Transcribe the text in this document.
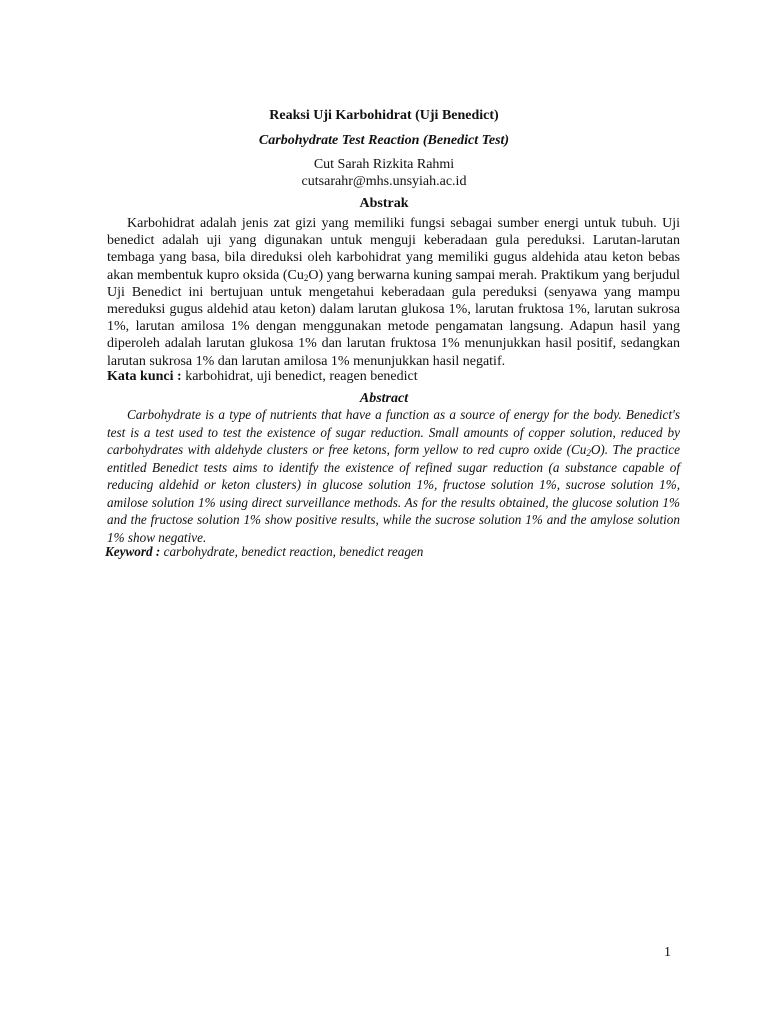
Reaksi Uji Karbohidrat (Uji Benedict)
Carbohydrate Test Reaction (Benedict Test)
Cut Sarah Rizkita Rahmi
cutsarahr@mhs.unsyiah.ac.id
Abstrak
Karbohidrat adalah jenis zat gizi yang memiliki fungsi sebagai sumber energi untuk tubuh. Uji benedict adalah uji yang digunakan untuk menguji keberadaan gula pereduksi. Larutan-larutan tembaga yang basa, bila direduksi oleh karbohidrat yang memiliki gugus aldehida atau keton bebas akan membentuk kupro oksida $(Cu_2O)$ yang berwarna kuning sampai merah. Praktikum yang berjudul Uji Benedict ini bertujuan untuk mengetahui keberadaan gula pereduksi (senyawa yang mampu mereduksi gugus aldehid atau keton) dalam larutan glukosa 1%, larutan fruktosa 1%, larutan sukrosa 1%, larutan amilosa 1% dengan menggunakan metode pengamatan langsung. Adapun hasil yang diperoleh adalah larutan glukosa 1% dan larutan fruktosa 1% menunjukkan hasil positif, sedangkan larutan sukrosa 1% dan larutan amilosa 1% menunjukkan hasil negatif.
Kata kunci : karbohidrat, uji benedict, reagen benedict
Abstract
Carbohydrate is a type of nutrients that have a function as a source of energy for the body. Benedict's test is a test used to test the existence of sugar reduction. Small amounts of copper solution, reduced by carbohydrates with aldehyde clusters or free ketons, form yellow to red cupro oxide $(Cu_2O)$. The practice entitled Benedict tests aims to identify the existence of refined sugar reduction (a substance capable of reducing aldehid or keton clusters) in glucose solution 1%, fructose solution 1%, sucrose solution 1%, amilose solution 1% using direct surveillance methods. As for the results obtained, the glucose solution 1% and the fructose solution 1% show positive results, while the sucrose solution 1% and the amylose solution 1% show negative.
Keyword : carbohydrate, benedict reaction, benedict reagen
1
